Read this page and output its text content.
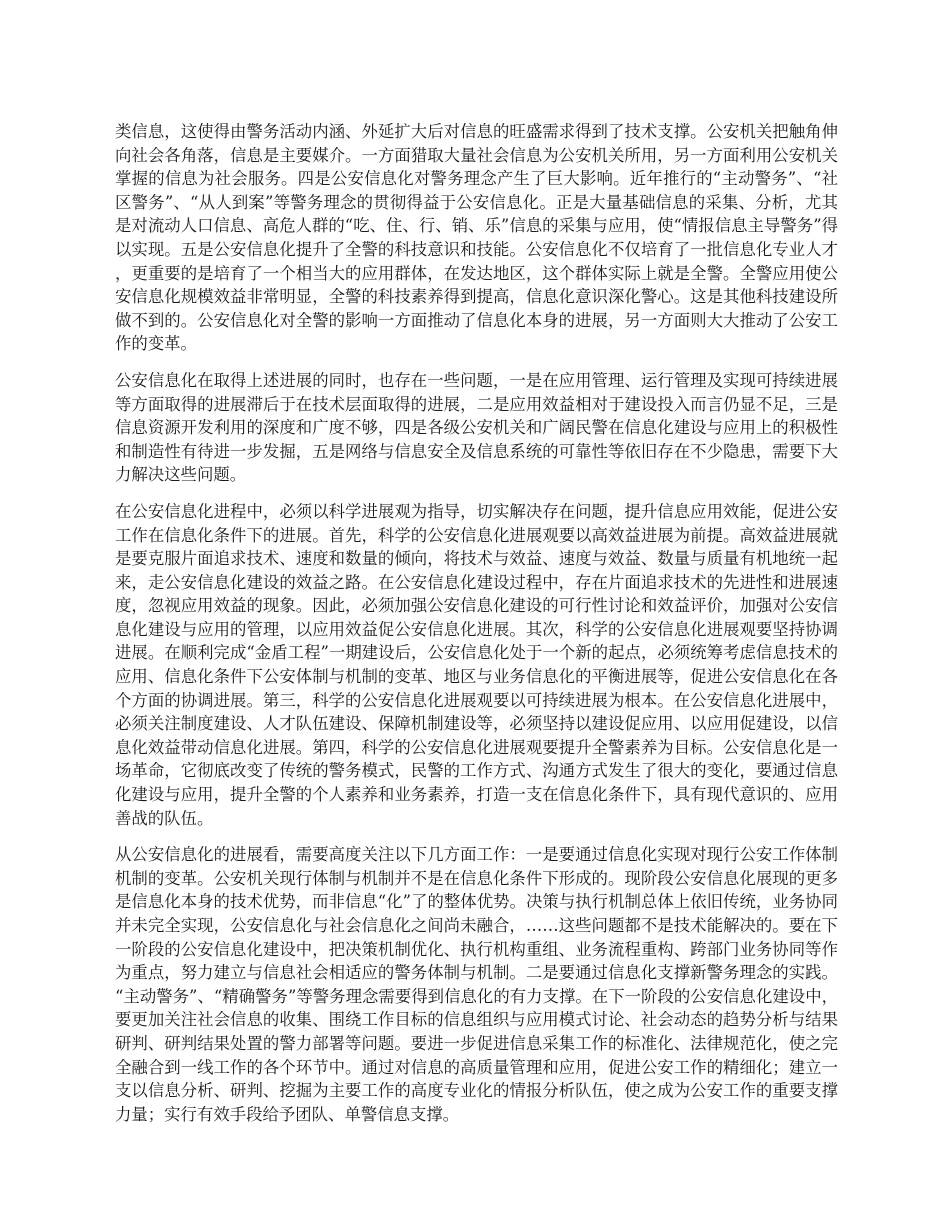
类信息，这使得由警务活动内涵、外延扩大后对信息的旺盛需求得到了技术支撑。公安机关把触角伸向社会各角落，信息是主要媒介。一方面猎取大量社会信息为公安机关所用，另一方面利用公安机关掌握的信息为社会服务。四是公安信息化对警务理念产生了巨大影响。近年推行的“主动警务”、“社区警务”、“从人到案”等警务理念的贯彻得益于公安信息化。正是大量基础信息的采集、分析，尤其是对流动人口信息、高危人群的“吃、住、行、销、乐”信息的采集与应用，使“情报信息主导警务”得以实现。五是公安信息化提升了全警的科技意识和技能。公安信息化不仅培育了一批信息化专业人才，更重要的是培育了一个相当大的应用群体，在发达地区，这个群体实际上就是全警。全警应用使公安信息化规模效益非常明显，全警的科技素养得到提高，信息化意识深化警心。这是其他科技建设所做不到的。公安信息化对全警的影响一方面推动了信息化本身的进展，另一方面则大大推动了公安工作的变革。

公安信息化在取得上述进展的同时，也存在一些问题，一是在应用管理、运行管理及实现可持续进展等方面取得的进展滞后于在技术层面取得的进展，二是应用效益相对于建设投入而言仍显不足，三是信息资源开发利用的深度和广度不够，四是各级公安机关和广阔民警在信息化建设与应用上的积极性和制造性有待进一步发掘，五是网络与信息安全及信息系统的可靠性等依旧存在不少隐患，需要下大力解决这些问题。

在公安信息化进程中，必须以科学进展观为指导，切实解决存在问题，提升信息应用效能，促进公安工作在信息化条件下的进展。首先，科学的公安信息化进展观要以高效益进展为前提。高效益进展就是要克服片面追求技术、速度和数量的倾向，将技术与效益、速度与效益、数量与质量有机地统一起来，走公安信息化建设的效益之路。在公安信息化建设过程中，存在片面追求技术的先进性和进展速度，忽视应用效益的现象。因此，必须加强公安信息化建设的可行性讨论和效益评价，加强对公安信息化建设与应用的管理，以应用效益促公安信息化进展。其次，科学的公安信息化进展观要坚持协调进展。在顺利完成“金盾工程”一期建设后，公安信息化处于一个新的起点，必须统筹考虑信息技术的应用、信息化条件下公安体制与机制的变革、地区与业务信息化的平衡进展等，促进公安信息化在各个方面的协调进展。第三，科学的公安信息化进展观要以可持续进展为根本。在公安信息化进展中，必须关注制度建设、人才队伍建设、保障机制建设等，必须坚持以建设促应用、以应用促建设，以信息化效益带动信息化进展。第四，科学的公安信息化进展观要提升全警素养为目标。公安信息化是一场革命，它彻底改变了传统的警务模式，民警的工作方式、沟通方式发生了很大的变化，要通过信息化建设与应用，提升全警的个人素养和业务素养，打造一支在信息化条件下，具有现代意识的、应用善战的队伍。

从公安信息化的进展看，需要高度关注以下几方面工作：一是要通过信息化实现对现行公安工作体制机制的变革。公安机关现行体制与机制并不是在信息化条件下形成的。现阶段公安信息化展现的更多是信息化本身的技术优势，而非信息“化”了的整体优势。决策与执行机制总体上依旧传统，业务协同并未完全实现，公安信息化与社会信息化之间尚未融合，……这些问题都不是技术能解决的。要在下一阶段的公安信息化建设中，把决策机制优化、执行机构重组、业务流程重构、跨部门业务协同等作为重点，努力建立与信息社会相适应的警务体制与机制。二是要通过信息化支撑新警务理念的实践。“主动警务”、“精确警务”等警务理念需要得到信息化的有力支撑。在下一阶段的公安信息化建设中，要更加关注社会信息的收集、围绕工作目标的信息组织与应用模式讨论、社会动态的趋势分析与结果研判、研判结果处置的警力部署等问题。要进一步促进信息采集工作的标准化、法律规范化，使之完全融合到一线工作的各个环节中。通过对信息的高质量管理和应用，促进公安工作的精细化；建立一支以信息分析、研判、挖掘为主要工作的高度专业化的情报分析队伍，使之成为公安工作的重要支撑力量；实行有效手段给予团队、单警信息支撑。
